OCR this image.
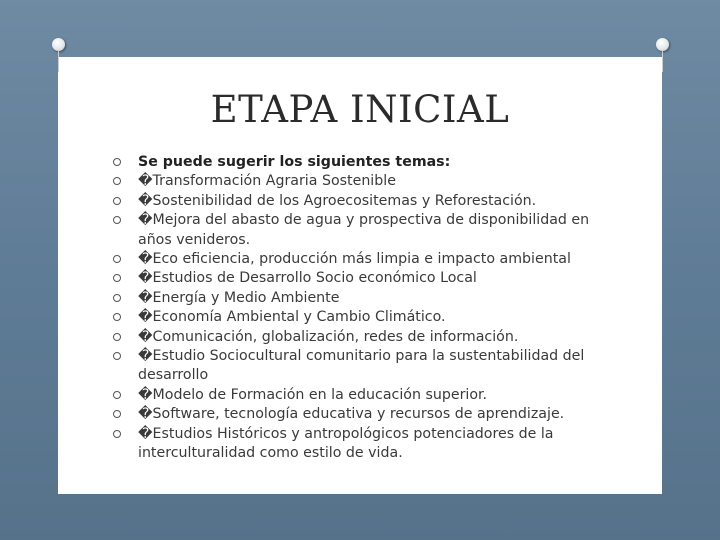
ETAPA INICIAL
Se puede sugerir los siguientes temas:
�Transformación Agraria Sostenible
�Sostenibilidad de los Agroecositemas y Reforestación.
�Mejora del abasto de agua y prospectiva de disponibilidad en años venideros.
�Eco eficiencia, producción más limpia e impacto ambiental
�Estudios de Desarrollo Socio económico Local
�Energía y Medio Ambiente
�Economía Ambiental y Cambio Climático.
�Comunicación, globalización, redes de información.
�Estudio Sociocultural comunitario para la sustentabilidad del desarrollo
�Modelo de Formación en la educación superior.
�Software, tecnología educativa y recursos de aprendizaje.
�Estudios Históricos y antropológicos potenciadores de la interculturalidad como estilo de vida.
